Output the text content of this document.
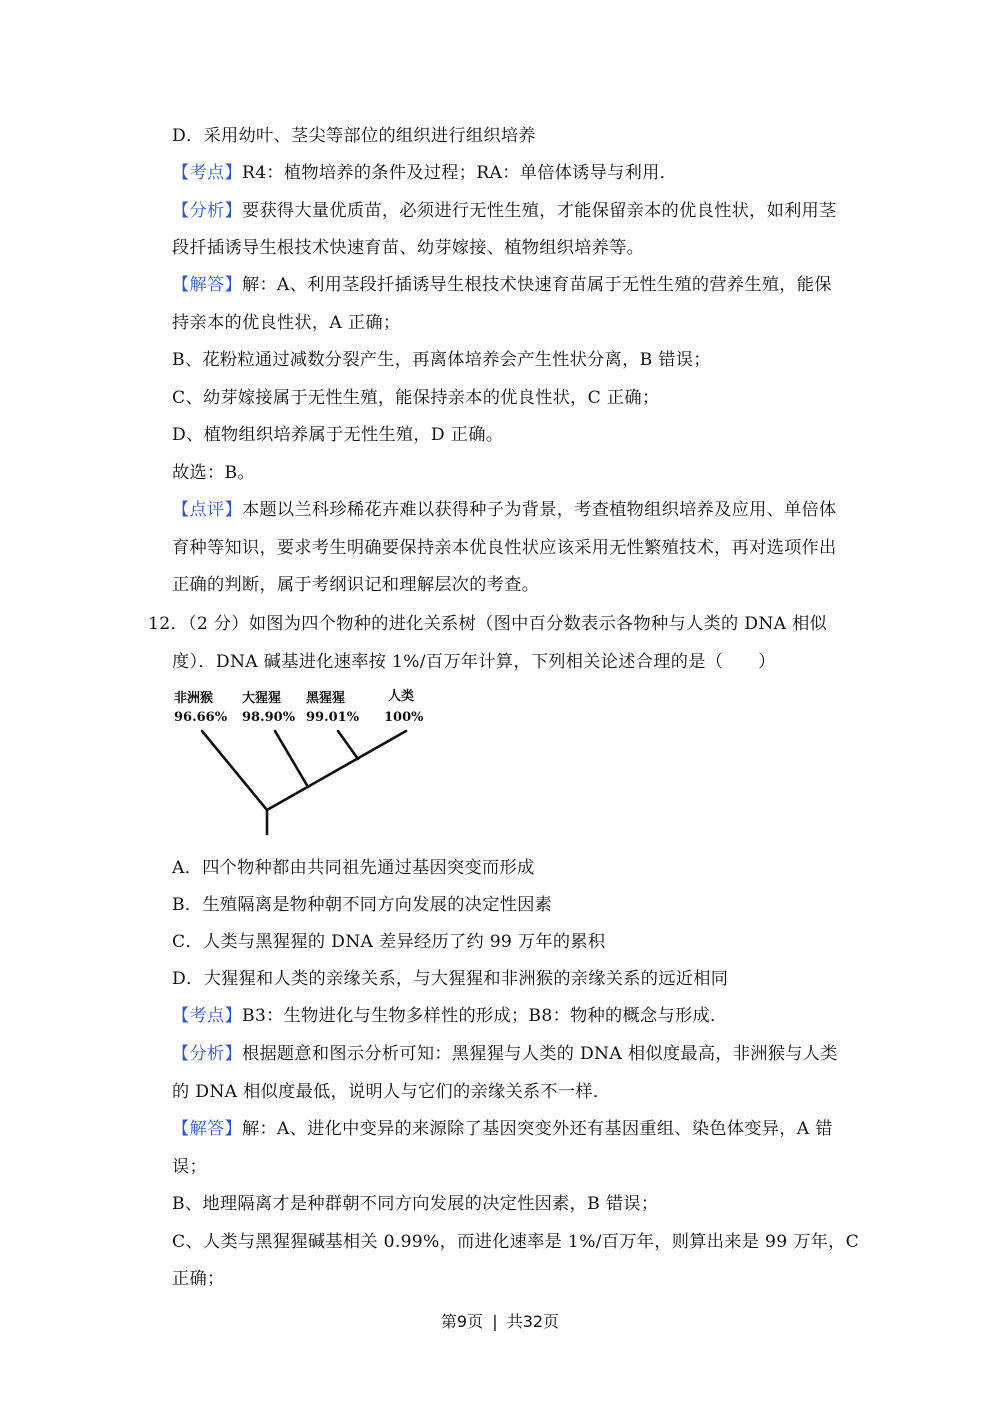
D．采用幼叶、茎尖等部位的组织进行组织培养
【考点】R4：植物培养的条件及过程；RA：单倍体诱导与利用．
【分析】要获得大量优质苗，必须进行无性生殖，才能保留亲本的优良性状，如利用茎
段扦插诱导生根技术快速育苗、幼芽嫁接、植物组织培养等。
【解答】解：A、利用茎段扦插诱导生根技术快速育苗属于无性生殖的营养生殖，能保
持亲本的优良性状，A 正确；
B、花粉粒通过减数分裂产生，再离体培养会产生性状分离，B 错误；
C、幼芽嫁接属于无性生殖，能保持亲本的优良性状，C 正确；
D、植物组织培养属于无性生殖，D 正确。
故选：B。
【点评】本题以兰科珍稀花卉难以获得种子为背景，考查植物组织培养及应用、单倍体
育种等知识，要求考生明确要保持亲本优良性状应该采用无性繁殖技术，再对选项作出
正确的判断，属于考纲识记和理解层次的考查。
12．（2 分）如图为四个物种的进化关系树（图中百分数表示各物种与人类的 DNA 相似
度）．DNA 碱基进化速率按 1%/百万年计算，下列相关论述合理的是（　　）
非洲猴
96.66%
大猩猩
98.90%
黑猩猩
99.01%
人类
100%
A．四个物种都由共同祖先通过基因突变而形成
B．生殖隔离是物种朝不同方向发展的决定性因素
C．人类与黑猩猩的 DNA 差异经历了约 99 万年的累积
D．大猩猩和人类的亲缘关系，与大猩猩和非洲猴的亲缘关系的远近相同
【考点】B3：生物进化与生物多样性的形成；B8：物种的概念与形成．
【分析】根据题意和图示分析可知：黑猩猩与人类的 DNA 相似度最高，非洲猴与人类
的 DNA 相似度最低，说明人与它们的亲缘关系不一样．
【解答】解：A、进化中变异的来源除了基因突变外还有基因重组、染色体变异，A 错
误；
B、地理隔离才是种群朝不同方向发展的决定性因素，B 错误；
C、人类与黑猩猩碱基相关 0.99%，而进化速率是 1%/百万年，则算出来是 99 万年，C
正确；
第9页 | 共32页
